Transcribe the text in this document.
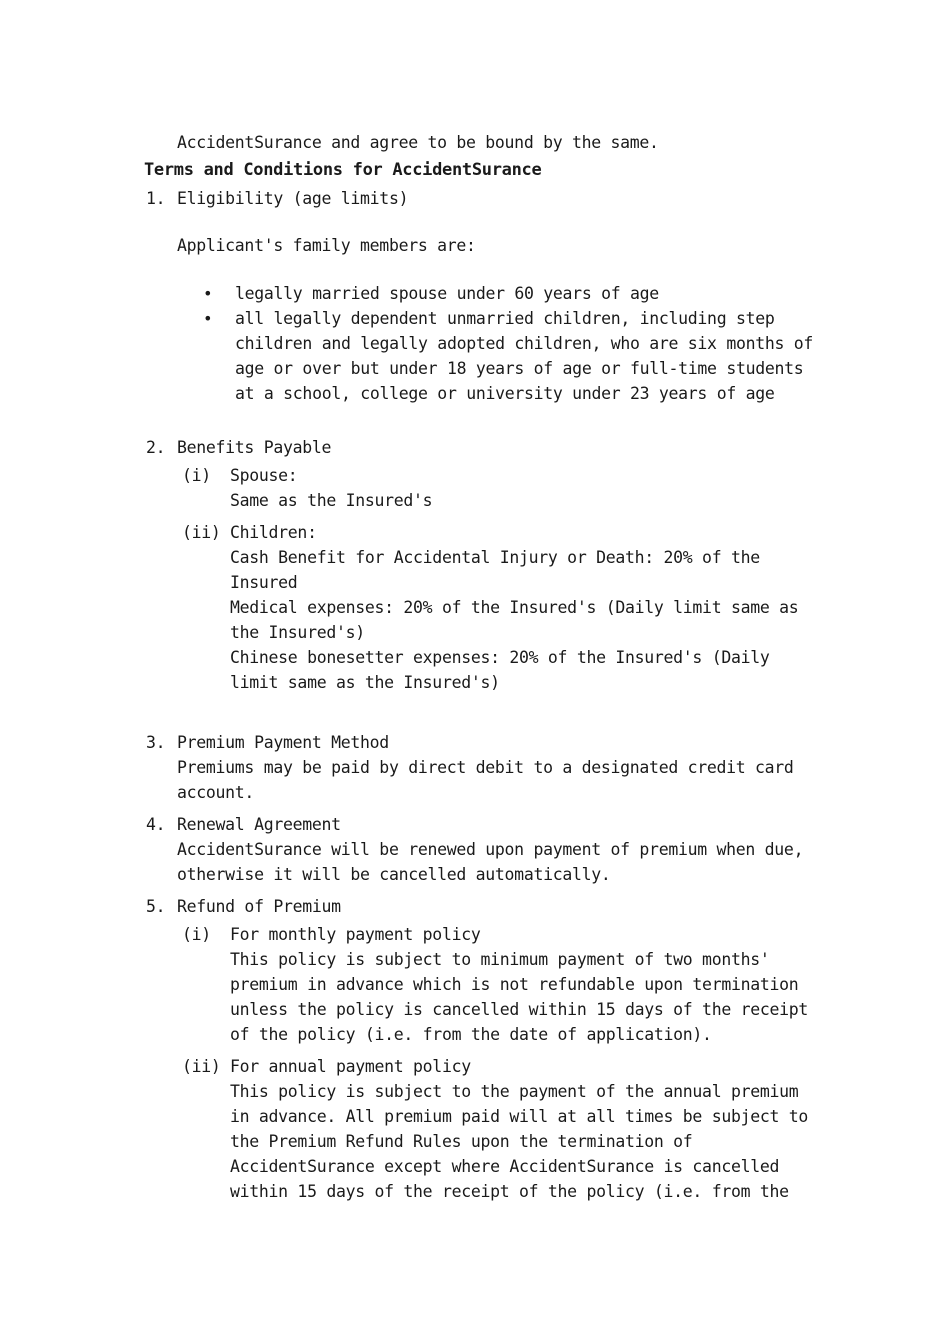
AccidentSurance and agree to be bound by the same.
Terms and Conditions for AccidentSurance
1. Eligibility (age limits)
Applicant's family members are:
• legally married spouse under 60 years of age
• all legally dependent unmarried children, including step
children and legally adopted children, who are six months of
age or over but under 18 years of age or full-time students
at a school, college or university under 23 years of age
2. Benefits Payable
(i) Spouse:
Same as the Insured's
(ii) Children:
Cash Benefit for Accidental Injury or Death: 20% of the
Insured
Medical expenses: 20% of the Insured's (Daily limit same as
the Insured's)
Chinese bonesetter expenses: 20% of the Insured's (Daily
limit same as the Insured's)
3. Premium Payment Method
Premiums may be paid by direct debit to a designated credit card
account.
4. Renewal Agreement
AccidentSurance will be renewed upon payment of premium when due,
otherwise it will be cancelled automatically.
5. Refund of Premium
(i) For monthly payment policy
This policy is subject to minimum payment of two months'
premium in advance which is not refundable upon termination
unless the policy is cancelled within 15 days of the receipt
of the policy (i.e. from the date of application).
(ii) For annual payment policy
This policy is subject to the payment of the annual premium
in advance. All premium paid will at all times be subject to
the Premium Refund Rules upon the termination of
AccidentSurance except where AccidentSurance is cancelled
within 15 days of the receipt of the policy (i.e. from the
